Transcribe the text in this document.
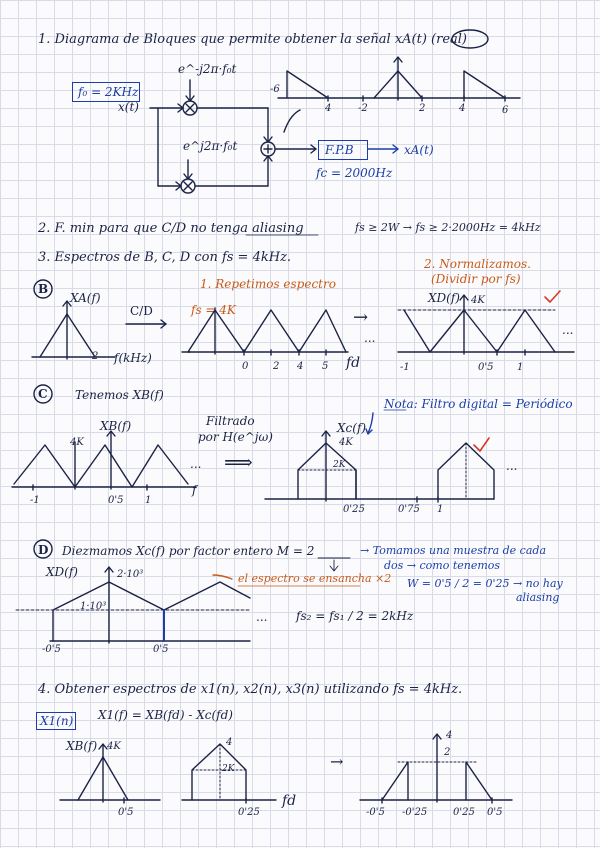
1. Diagrama de Bloques que permite obtener la señal xA(t) (real)
f₀ = 2KHz
x(t)
e^-j2π·f₀t
e^j2π·f₀t	F.P.B	xA(t)
fc = 2000Hz
-6
4	-2	2	4	6
2. F. min para que C/D no tenga aliasing	fs ≥ 2W → fs ≥ 2·2000Hz = 4kHz
3. Espectros de B, C, D con fs = 4kHz.
B
XA(f)
2 f(kHz)
C/D
1. Repetimos espectro
fs = 4K
0 2 4 5 fd
...
→
2. Normalizamos.
(Dividir por fs)
XD(f) 4K
-1	0'5 1
...
C Tenemos XB(f)
XB(f)
4K
-1	0'5 1
f
...
Filtrado
por H(e^jω)
⟹
Nota: Filtro digital = Periódico
Xc(f)
4K
2K
0'25	0'75 1
...
D Diezmamos Xc(f) por factor entero M = 2	→ Tomamos una muestra de cada
dos → como tenemos
W = 0'5 / 2 = 0'25 → no hay
aliasing
XD(f)	2·10³
1·10³
el espectro se ensancha ×2
fs₂ = fs₁ / 2 = 2kHz
-0'5	0'5
...
4. Obtener espectros de x1(n), x2(n), x3(n) utilizando fs = 4kHz.
X1(n) X1(f) = XB(fd) - Xc(fd)
XB(f) 4K
0'5
4
2K
0'25
fd
→
4
2
-0'5 -0'25	0'25 0'5
